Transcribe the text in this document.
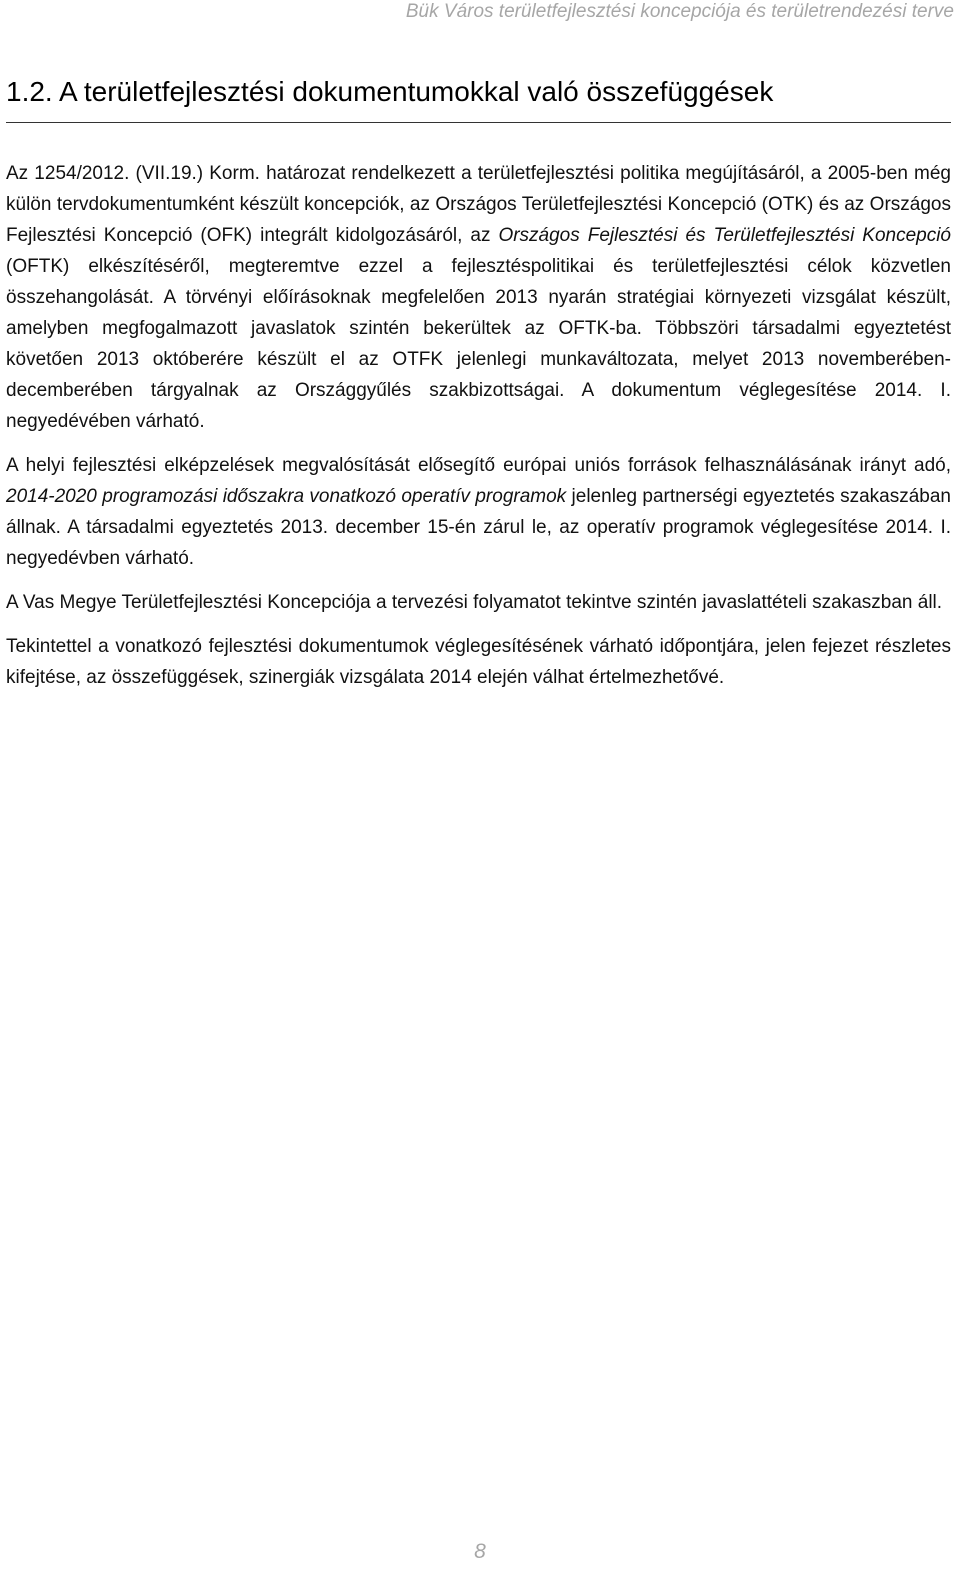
Bük Város területfejlesztési koncepciója és területrendezési terve
1.2. A területfejlesztési dokumentumokkal való összefüggések

Az 1254/2012. (VII.19.) Korm. határozat rendelkezett a területfejlesztési politika megújításáról, a 2005-ben még külön tervdokumentumként készült koncepciók, az Országos Területfejlesztési Koncepció (OTK) és az Országos Fejlesztési Koncepció (OFK) integrált kidolgozásáról, az Országos Fejlesztési és Területfejlesztési Koncepció (OFTK) elkészítéséről, megteremtve ezzel a fejlesztéspolitikai és területfejlesztési célok közvetlen összehangolását. A törvényi előírásoknak megfelelően 2013 nyarán stratégiai környezeti vizsgálat készült, amelyben megfogalmazott javaslatok szintén bekerültek az OFTK-ba. Többszöri társadalmi egyeztetést követően 2013 októberére készült el az OTFK jelenlegi munkaváltozata, melyet 2013 novemberében-decemberében tárgyalnak az Országgyűlés szakbizottságai. A dokumentum véglegesítése 2014. I. negyedévében várható.

A helyi fejlesztési elképzelések megvalósítását elősegítő európai uniós források felhasználásának irányt adó, 2014-2020 programozási időszakra vonatkozó operatív programok jelenleg partnerségi egyeztetés szakaszában állnak. A társadalmi egyeztetés 2013. december 15-én zárul le, az operatív programok véglegesítése 2014. I. negyedévben várható.

A Vas Megye Területfejlesztési Koncepciója a tervezési folyamatot tekintve szintén javaslattételi szakaszban áll.

Tekintettel a vonatkozó fejlesztési dokumentumok véglegesítésének várható időpontjára, jelen fejezet részletes kifejtése, az összefüggések, szinergiák vizsgálata 2014 elején válhat értelmezhetővé.

8
